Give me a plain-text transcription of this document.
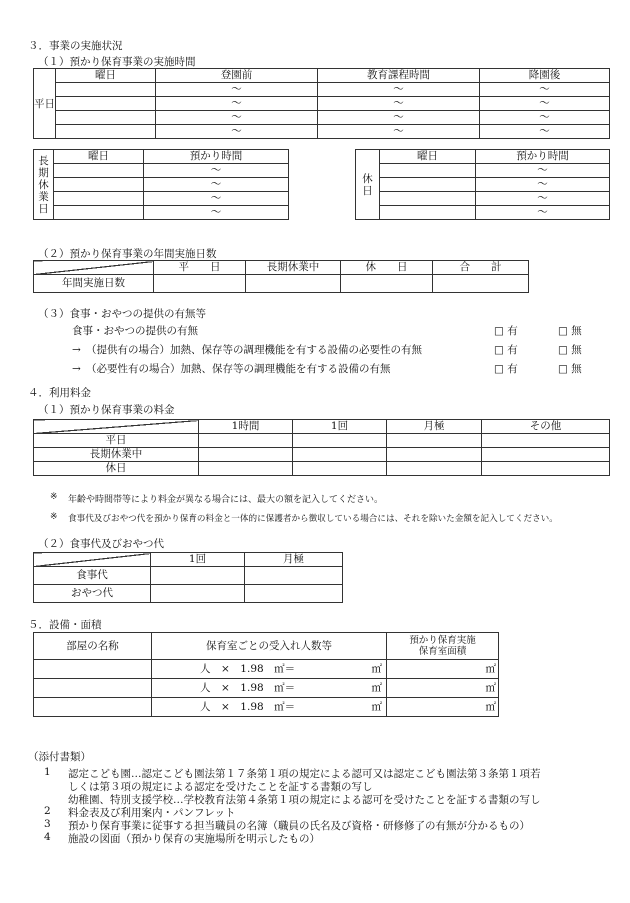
３．事業の実施状況
（１）預かり保育事業の実施時間
平日	曜日	登園前	教育課程時間	降園後
		～	～	～
		～	～	～
		～	～	～
		～	～	～
長期休業日	曜日	預かり時間
		～
		～
		～
		～
休日	曜日	預かり時間
		～
		～
		～
		～
（２）預かり保育事業の年間実施日数
	平　　日	長期休業中	休　　日	合　　計
年間実施日数				
（３）食事・おやつの提供の有無等
食事・おやつの提供の有無
→　（提供有の場合）加熱、保存等の調理機能を有する設備の必要性の有無
→　（必要性有の場合）加熱、保存等の調理機能を有する設備の有無
□ 有	□ 無
□ 有	□ 無
□ 有	□ 無
４．利用料金
（１）預かり保育事業の料金
	1時間	1回	月極	その他
平日				
長期休業中				
休日				
※ 年齢や時間帯等により料金が異なる場合には、最大の額を記入してください。
※ 食事代及びおやつ代を預かり保育の料金と一体的に保護者から徴収している場合には、それを除いた金額を記入してください。
（２）食事代及びおやつ代
	1回	月極
食事代		
おやつ代		
５．設備・面積
部屋の名称	保育室ごとの受入れ人数等	預かり保育実施
保育室面積

	人　×　1.98　㎡＝ ㎡	㎡

	人　×　1.98　㎡＝ ㎡	㎡

	人　×　1.98　㎡＝ ㎡	㎡
（添付書類）
1 認定こども園…認定こども園法第１７条第１項の規定による認可又は認定こども園法第３条第１項若
しくは第３項の規定による認定を受けたことを証する書類の写し
幼稚園、特別支援学校…学校教育法第４条第１項の規定による認可を受けたことを証する書類の写し
2 料金表及び利用案内・パンフレット
3 預かり保育事業に従事する担当職員の名簿（職員の氏名及び資格・研修修了の有無が分かるもの）
4 施設の図面（預かり保育の実施場所を明示したもの）
